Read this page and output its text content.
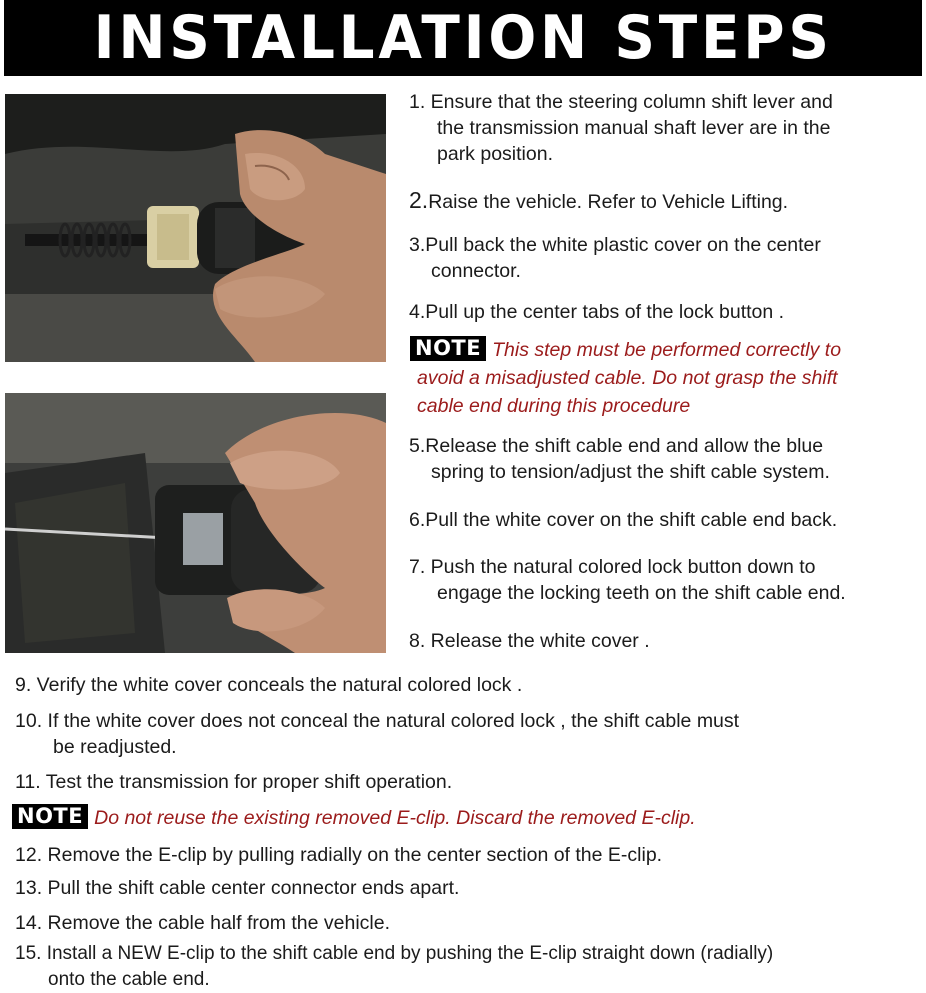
INSTALLATION STEPS
1. Ensure that the steering column shift lever and
the transmission manual shaft lever are in the
park position.
2.Raise the vehicle. Refer to Vehicle Lifting.
3.Pull back the white plastic cover on the center
connector.
4.Pull up the center tabs of the lock button .
NOTE This step must be performed correctly to
avoid a misadjusted cable. Do not grasp the shift
cable end during this procedure
5.Release the shift cable end and allow the blue
spring to tension/adjust the shift cable system.
6.Pull the white cover on the shift cable end back.
7. Push the natural colored lock button down to
engage the locking teeth on the shift cable end.
8. Release the white cover .
9. Verify the white cover conceals the natural colored lock .
10. If the white cover does not conceal the natural colored lock , the shift cable must
be readjusted.
11. Test the transmission for proper shift operation.
NOTE Do not reuse the existing removed E-clip. Discard the removed E-clip.
12. Remove the E-clip by pulling radially on the center section of the E-clip.
13. Pull the shift cable center connector ends apart.
14. Remove the cable half from the vehicle.
15. Install a NEW E-clip to the shift cable end by pushing the E-clip straight down (radially)
onto the cable end.
